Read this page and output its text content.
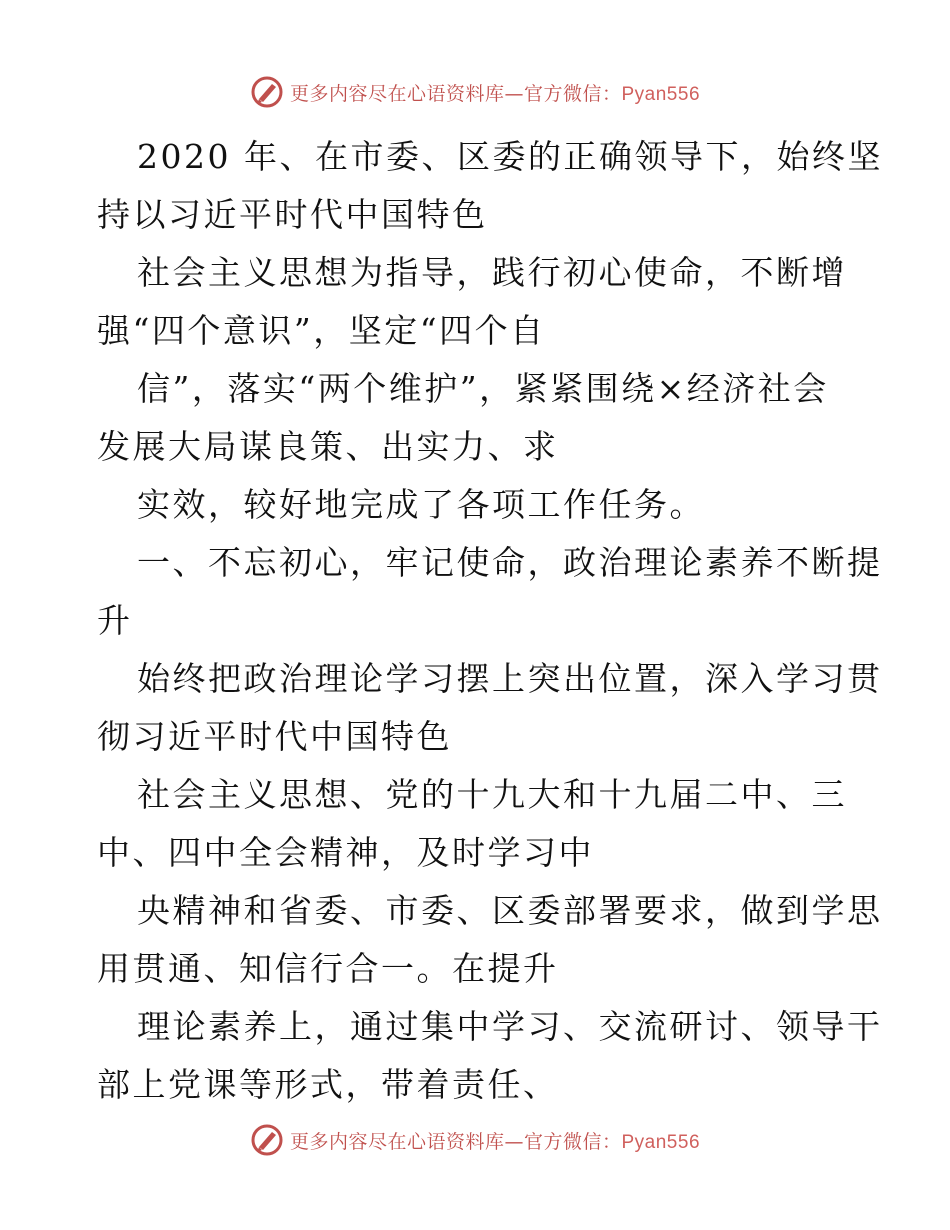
更多内容尽在心语资料库—官方微信：Pyan556
2020 年、在市委、区委的正确领导下，始终坚
持以习近平时代中国特色
社会主义思想为指导，践行初心使命，不断增
强“四个意识”，坚定“四个自
信”，落实“两个维护”，紧紧围绕×经济社会
发展大局谋良策、出实力、求
实效，较好地完成了各项工作任务。
一、不忘初心，牢记使命，政治理论素养不断提
升
始终把政治理论学习摆上突出位置，深入学习贯
彻习近平时代中国特色
社会主义思想、党的十九大和十九届二中、三
中、四中全会精神，及时学习中
央精神和省委、市委、区委部署要求，做到学思
用贯通、知信行合一。在提升
理论素养上，通过集中学习、交流研讨、领导干
部上党课等形式，带着责任、
更多内容尽在心语资料库—官方微信：Pyan556
